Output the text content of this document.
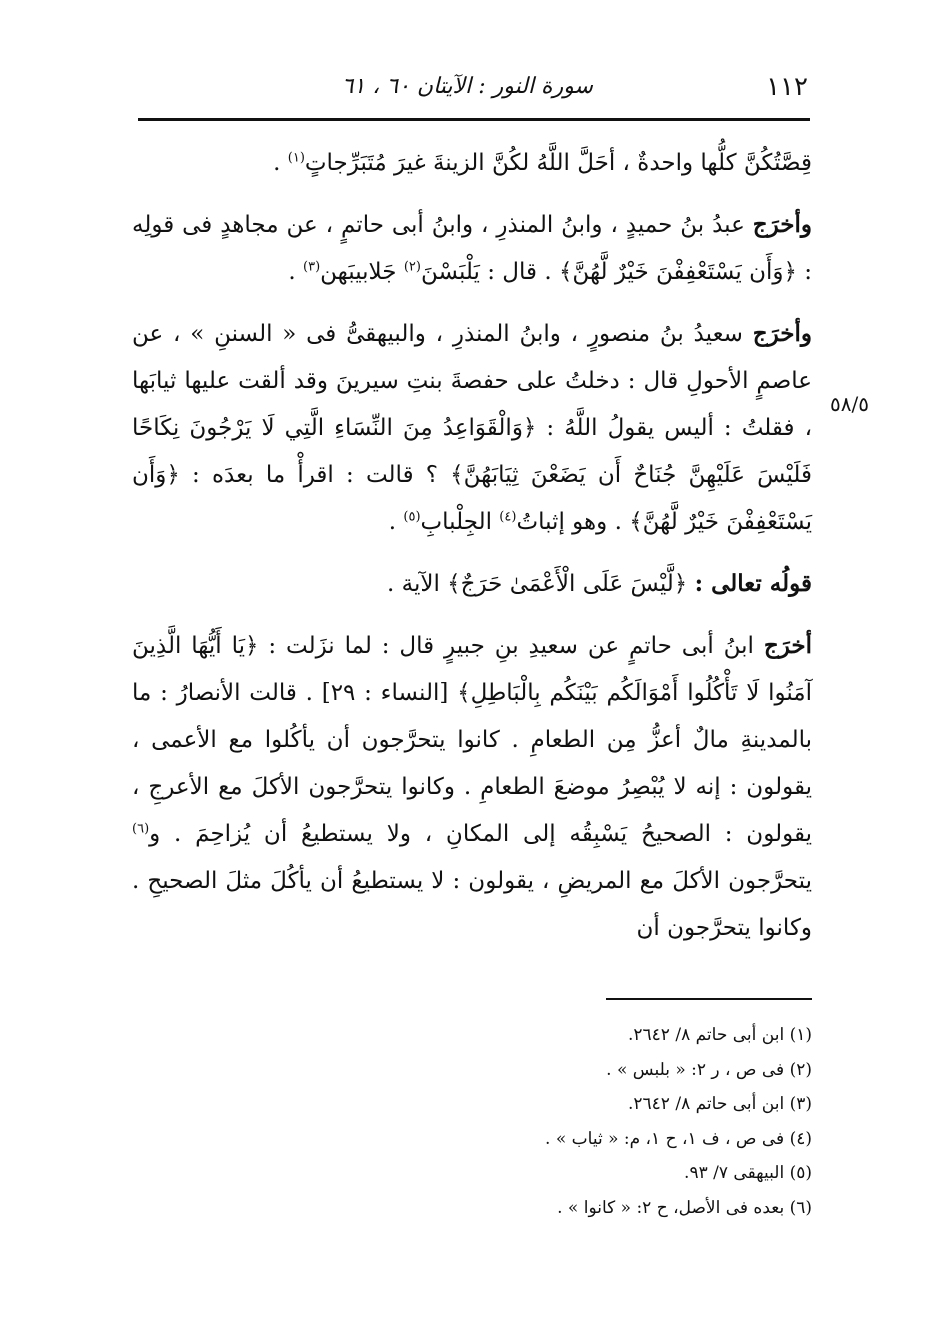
١١٢
سورة النور : الآيتان ٦٠ ، ٦١
٥٨/٥

قِصَّتُكُنَّ كلُّها واحدةٌ ، أحَلَّ اللَّهُ لكُنَّ الزينةَ غيرَ مُتَبَرِّجاتٍ$^{(١)}$ .

وأخرَج عبدُ بنُ حميدٍ ، وابنُ المنذرِ ، وابنُ أبى حاتمٍ ، عن مجاهدٍ فى قولِه : ﴿وَأَن يَسْتَعْفِفْنَ خَيْرٌ لَّهُنَّ﴾ . قال : يَلْبَسْنَ$^{(٢)}$ جَلابيبَهن$^{(٣)}$ .

وأخرَج سعيدُ بنُ منصورٍ ، وابنُ المنذرِ ، والبيهقىُّ فى « السننِ » ، عن عاصمٍ الأحولِ قال : دخلتُ على حفصةَ بنتِ سيرينَ وقد ألقت عليها ثيابَها ، فقلتُ : أليس يقولُ اللَّهُ : ﴿وَالْقَوَاعِدُ مِنَ النِّسَاءِ الَّتِي لَا يَرْجُونَ نِكَاحًا فَلَيْسَ عَلَيْهِنَّ جُنَاحٌ أَن يَضَعْنَ ثِيَابَهُنَّ﴾ ؟ قالت : اقرأْ ما بعدَه : ﴿وَأَن يَسْتَعْفِفْنَ خَيْرٌ لَّهُنَّ﴾ . وهو إثباتُ$^{(٤)}$ الجِلْبابِ$^{(٥)}$ .

قولُه تعالى : ﴿لَّيْسَ عَلَى الْأَعْمَىٰ حَرَجٌ﴾ الآية .

أخرَج ابنُ أبى حاتمٍ عن سعيدِ بنِ جبيرٍ قال : لما نزَلت : ﴿يَا أَيُّهَا الَّذِينَ آمَنُوا لَا تَأْكُلُوا أَمْوَالَكُم بَيْنَكُم بِالْبَاطِلِ﴾ [النساء : ٢٩] . قالت الأنصارُ : ما بالمدينةِ مالٌ أعزُّ مِن الطعامِ . كانوا يتحرَّجون أن يأكُلوا مع الأعمى ، يقولون : إنه لا يُبْصِرُ موضعَ الطعامِ . وكانوا يتحرَّجون الأكلَ مع الأعرجِ ، يقولون : الصحيحُ يَسْبِقُه إلى المكانِ ، ولا يستطيعُ أن يُزاحِمَ . و$^{(٦)}$ يتحرَّجون الأكلَ مع المريضِ ، يقولون : لا يستطيعُ أن يأكُلَ مثلَ الصحيحِ . وكانوا يتحرَّجون أن

(١) ابن أبى حاتم ٨/ ٢٦٤٢.

(٢) فى ص ، ر ٢: « بلبس » .

(٣) ابن أبى حاتم ٨/ ٢٦٤٢.

(٤) فى ص ، ف ١، ح ١، م: « ثياب » .

(٥) البيهقى ٧/ ٩٣.

(٦) بعده فى الأصل، ح ٢: « كانوا » .
